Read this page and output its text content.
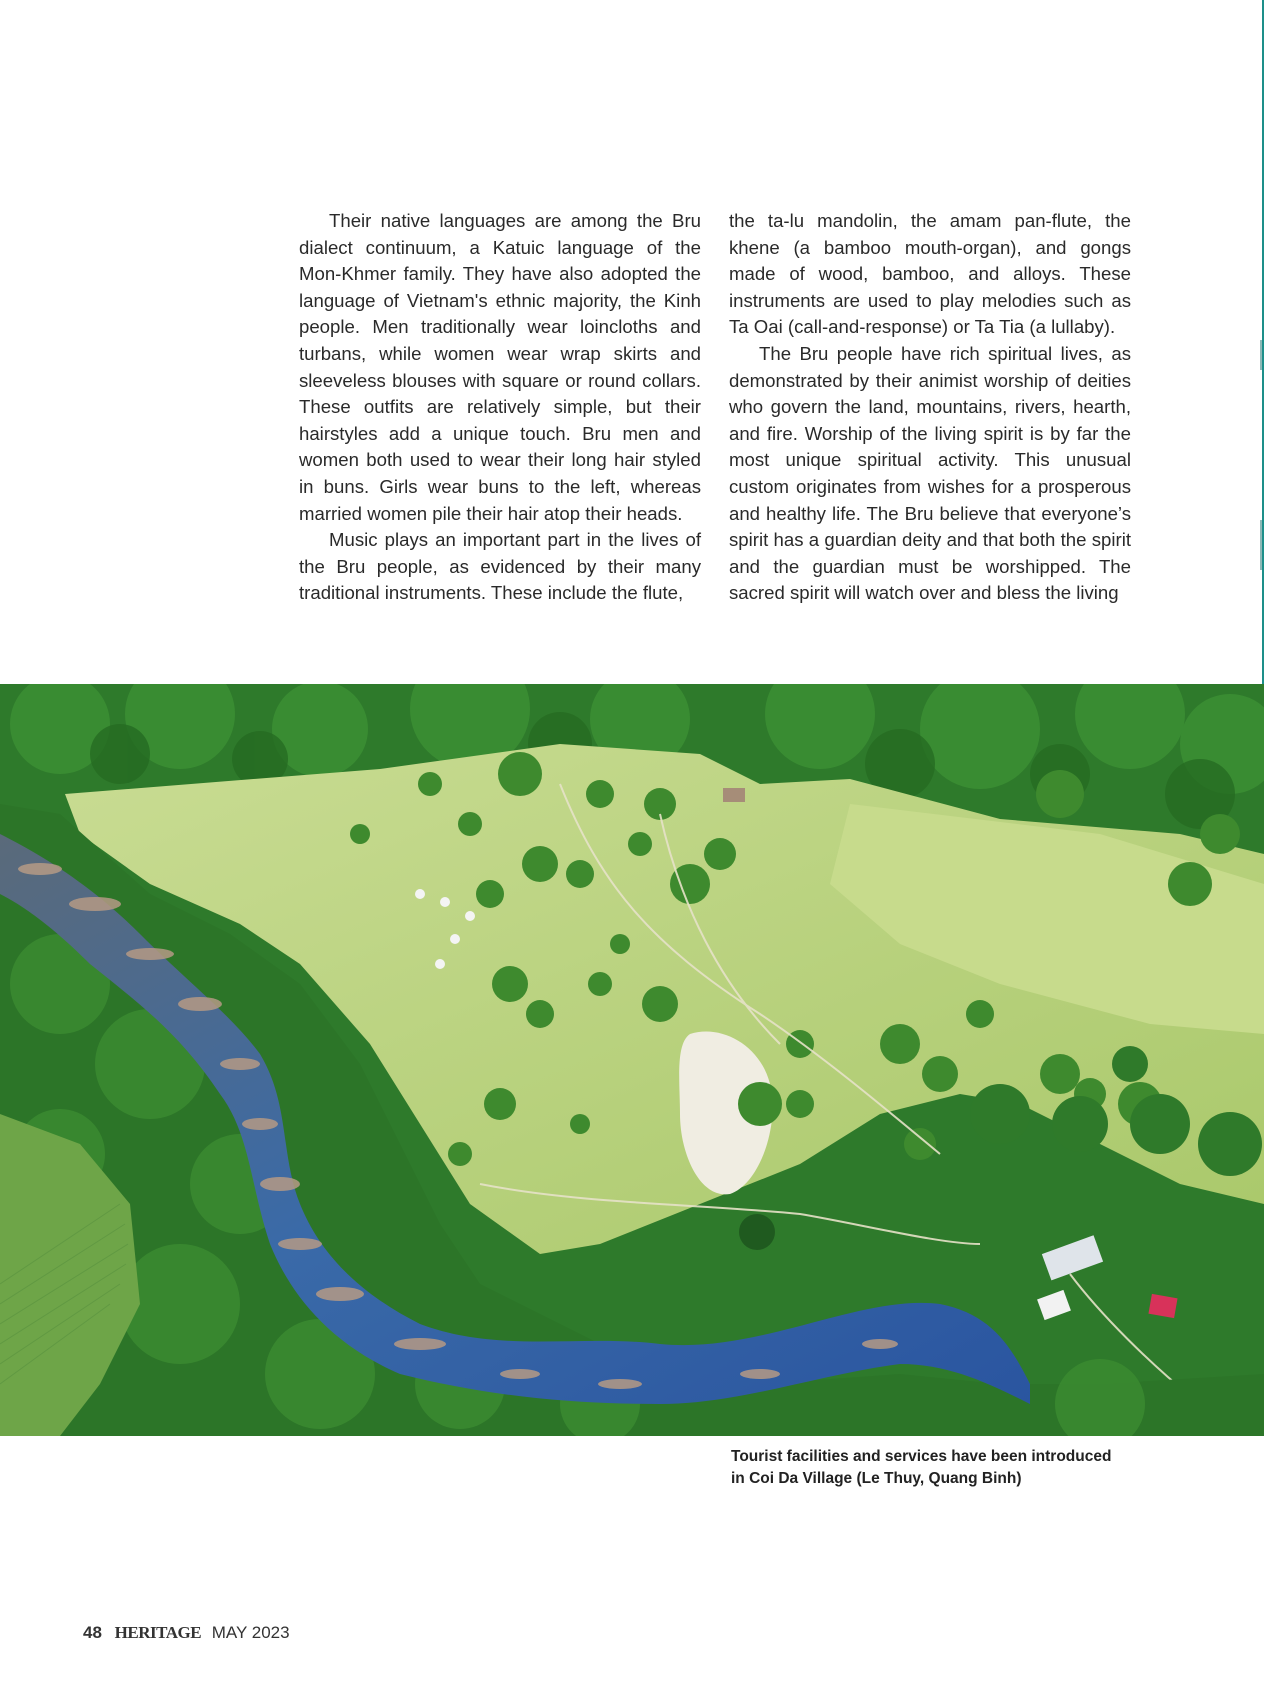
Their native languages are among the Bru dialect continuum, a Katuic language of the Mon-Khmer family. They have also adopted the language of Vietnam's ethnic majority, the Kinh people. Men traditionally wear loincloths and turbans, while women wear wrap skirts and sleeveless blouses with square or round collars. These outfits are relatively simple, but their hairstyles add a unique touch. Bru men and women both used to wear their long hair styled in buns. Girls wear buns to the left, whereas married women pile their hair atop their heads.

Music plays an important part in the lives of the Bru people, as evidenced by their many traditional instruments. These include the flute,

the ta-lu mandolin, the amam pan-flute, the khene (a bamboo mouth-organ), and gongs made of wood, bamboo, and alloys. These instruments are used to play melodies such as Ta Oai (call-and-response) or Ta Tia (a lullaby).

The Bru people have rich spiritual lives, as demonstrated by their animist worship of deities who govern the land, mountains, rivers, hearth, and fire. Worship of the living spirit is by far the most unique spiritual activity. This unusual custom originates from wishes for a prosperous and healthy life. The Bru believe that everyone’s spirit has a guardian deity and that both the spirit and the guardian must be worshipped. The sacred spirit will watch over and bless the living

Tourist facilities and services have been introduced
in Coi Da Village (Le Thuy, Quang Binh)
48 HERITAGE MAY 2023
